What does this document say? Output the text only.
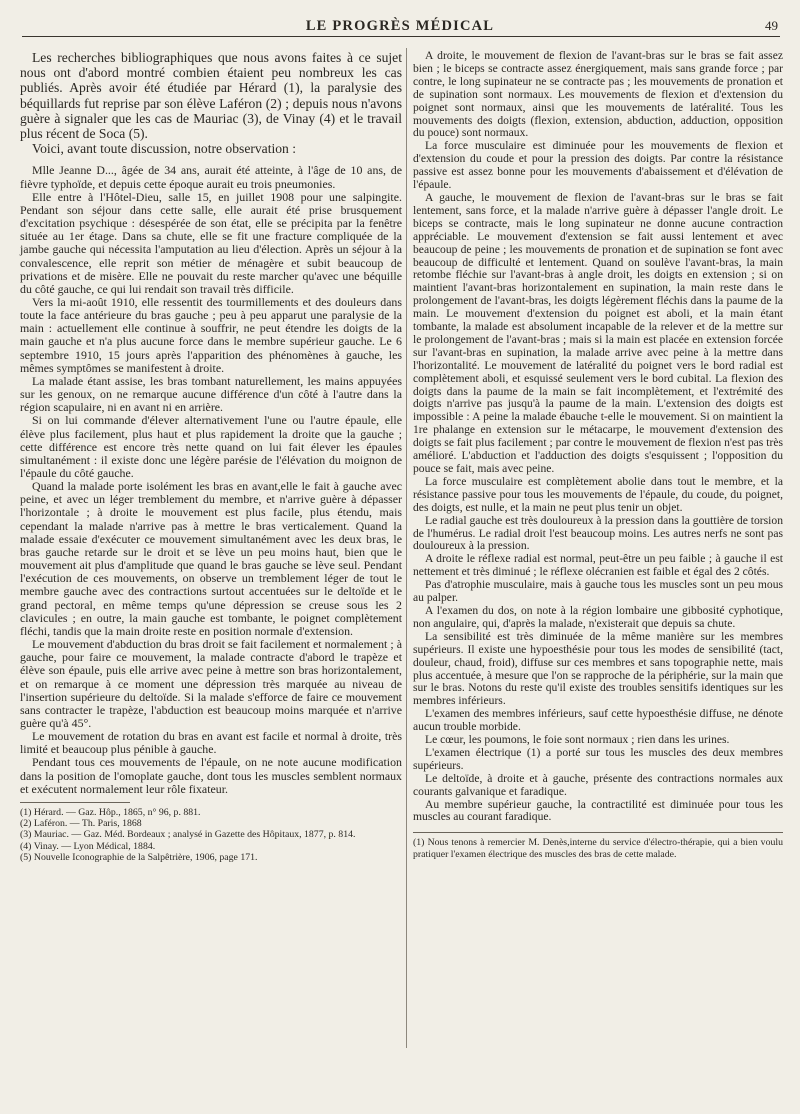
LE PROGRÈS MÉDICAL	49

Les recherches bibliographiques que nous avons faites à ce sujet nous ont d'abord montré combien étaient peu nombreux les cas publiés. Après avoir été étudiée par Hérard (1), la paralysie des béquillards fut reprise par son élève Laféron (2) ; depuis nous n'avons guère à signaler que les cas de Mauriac (3), de Vinay (4) et le travail plus récent de Soca (5).

Voici, avant toute discussion, notre observation :

Mlle Jeanne D..., âgée de 34 ans, aurait été atteinte, à l'âge de 10 ans, de fièvre typhoïde, et depuis cette époque aurait eu trois pneumonies.

Elle entre à l'Hôtel-Dieu, salle 15, en juillet 1908 pour une salpingite. Pendant son séjour dans cette salle, elle aurait été prise brusquement d'excitation psychique : désespérée de son état, elle se précipita par la fenêtre située au 1er étage. Dans sa chute, elle se fit une fracture compliquée de la jambe gauche qui nécessita l'amputation au lieu d'élection. Après un séjour à la convalescence, elle reprit son métier de ménagère et subit beaucoup de privations et de misère. Elle ne pouvait du reste marcher qu'avec une béquille du côté gauche, ce qui lui rendait son travail très difficile.

Vers la mi-août 1910, elle ressentit des tourmillements et des douleurs dans toute la face antérieure du bras gauche ; peu à peu apparut une paralysie de la main : actuellement elle continue à souffrir, ne peut étendre les doigts de la main gauche et n'a plus aucune force dans le membre supérieur gauche. Le 6 septembre 1910, 15 jours après l'apparition des phénomènes à gauche, les mêmes symptômes se manifestent à droite.

La malade étant assise, les bras tombant naturellement, les mains appuyées sur les genoux, on ne remarque aucune différence d'un côté à l'autre dans la région scapulaire, ni en avant ni en arrière.

Si on lui commande d'élever alternativement l'une ou l'autre épaule, elle élève plus facilement, plus haut et plus rapidement la droite que la gauche ; cette différence est encore très nette quand on lui fait élever les épaules simultanément : il existe donc une légère parésie de l'élévation du moignon de l'épaule du côté gauche.

Quand la malade porte isolément les bras en avant,elle le fait à gauche avec peine, et avec un léger tremblement du membre, et n'arrive guère à dépasser l'horizontale ; à droite le mouvement est plus facile, plus étendu, mais cependant la malade n'arrive pas à mettre le bras verticalement. Quand la malade essaie d'exécuter ce mouvement simultanément avec les deux bras, le bras gauche retarde sur le droit et se lève un peu moins haut, bien que le mouvement ait plus d'amplitude que quand le bras gauche se lève seul. Pendant l'exécution de ces mouvements, on observe un tremblement léger de tout le membre gauche avec des contractions surtout accentuées sur le deltoïde et le grand pectoral, en même temps qu'une dépression se creuse sous les 2 clavicules ; en outre, la main gauche est tombante, le poignet complètement fléchi, tandis que la main droite reste en position normale d'extension.

Le mouvement d'abduction du bras droit se fait facilement et normalement ; à gauche, pour faire ce mouvement, la malade contracte d'abord le trapèze et élève son épaule, puis elle arrive avec peine à mettre son bras horizontalement, et on remarque à ce moment une dépression très marquée au niveau de l'insertion supérieure du deltoïde. Si la malade s'efforce de faire ce mouvement sans contracter le trapèze, l'abduction est beaucoup moins marquée et n'arrive guère qu'à 45°.

Le mouvement de rotation du bras en avant est facile et normal à droite, très limité et beaucoup plus pénible à gauche.

Pendant tous ces mouvements de l'épaule, on ne note aucune modification dans la position de l'omoplate gauche, dont tous les muscles semblent normaux et exécutent normalement leur rôle fixateur.

(1) Hérard. — Gaz. Hôp., 1865, n° 96, p. 881.
(2) Laféron. — Th. Paris, 1868
(3) Mauriac. — Gaz. Méd. Bordeaux ; analysé in Gazette des Hôpitaux, 1877, p. 814.
(4) Vinay. — Lyon Médical, 1884.
(5) Nouvelle Iconographie de la Salpêtrière, 1906, page 171.

A droite, le mouvement de flexion de l'avant-bras sur le bras se fait assez bien ; le biceps se contracte assez énergiquement, mais sans grande force ; par contre, le long supinateur ne se contracte pas ; les mouvements de pronation et de supination sont normaux. Les mouvements de flexion et d'extension du poignet sont normaux, ainsi que les mouvements de latéralité. Tous les mouvements des doigts (flexion, extension, abduction, adduction, opposition du pouce) sont normaux.

La force musculaire est diminuée pour les mouvements de flexion et d'extension du coude et pour la pression des doigts. Par contre la résistance passive est assez bonne pour les mouvements d'abaissement et d'élévation de l'épaule.

A gauche, le mouvement de flexion de l'avant-bras sur le bras se fait lentement, sans force, et la malade n'arrive guère à dépasser l'angle droit. Le biceps se contracte, mais le long supinateur ne donne aucune contraction appréciable. Le mouvement d'extension se fait aussi lentement et avec beaucoup de peine ; les mouvements de pronation et de supination se font avec beaucoup de difficulté et lentement. Quand on soulève l'avant-bras, la main retombe fléchie sur l'avant-bras à angle droit, les doigts en extension ; si on maintient l'avant-bras horizontalement en supination, la main reste dans le prolongement de l'avant-bras, les doigts légèrement fléchis dans la paume de la main. Le mouvement d'extension du poignet est aboli, et la main étant tombante, la malade est absolument incapable de la relever et de la mettre sur le prolongement de l'avant-bras ; mais si la main est placée en extension forcée sur l'avant-bras en supination, la malade arrive avec peine à la mettre dans l'horizontalité. Le mouvement de latéralité du poignet vers le bord radial est complètement aboli, et esquissé seulement vers le bord cubital. La flexion des doigts dans la paume de la main se fait incomplètement, et l'extrémité des doigts n'arrive pas jusqu'à la paume de la main. L'extension des doigts est impossible : A peine la malade ébauche t-elle le mouvement. Si on maintient la 1re phalange en extension sur le métacarpe, le mouvement d'extension des doigts se fait plus facilement ; par contre le mouvement de flexion n'est pas très amélioré. L'abduction et l'adduction des doigts s'esquissent ; l'opposition du pouce se fait, mais avec peine.

La force musculaire est complètement abolie dans tout le membre, et la résistance passive pour tous les mouvements de l'épaule, du coude, du poignet, des doigts, est nulle, et la main ne peut plus tenir un objet.

Le radial gauche est très douloureux à la pression dans la gouttière de torsion de l'humérus. Le radial droit l'est beaucoup moins. Les autres nerfs ne sont pas douloureux à la pression.

A droite le réflexe radial est normal, peut-être un peu faible ; à gauche il est nettement et très diminué ; le réflexe olécranien est faible et égal des 2 côtés.

Pas d'atrophie musculaire, mais à gauche tous les muscles sont un peu mous au palper.

A l'examen du dos, on note à la région lombaire une gibbosité cyphotique, non angulaire, qui, d'après la malade, n'existerait que depuis sa chute.

La sensibilité est très diminuée de la même manière sur les membres supérieurs. Il existe une hypoesthésie pour tous les modes de sensibilité (tact, douleur, chaud, froid), diffuse sur ces membres et sans topographie nette, mais plus accentuée, à mesure que l'on se rapproche de la périphérie, sur la main que sur le bras. Notons du reste qu'il existe des troubles sensitifs identiques sur les membres inférieurs.

L'examen des membres inférieurs, sauf cette hypoesthésie diffuse, ne dénote aucun trouble morbide.

Le cœur, les poumons, le foie sont normaux ; rien dans les urines.

L'examen électrique (1) a porté sur tous les muscles des deux membres supérieurs.

Le deltoïde, à droite et à gauche, présente des contractions normales aux courants galvanique et faradique.

Au membre supérieur gauche, la contractilité est diminuée pour tous les muscles au courant faradique.

(1) Nous tenons à remercier M. Denès,interne du service d'électro-thérapie, qui a bien voulu pratiquer l'examen électrique des muscles des bras de cette malade.
